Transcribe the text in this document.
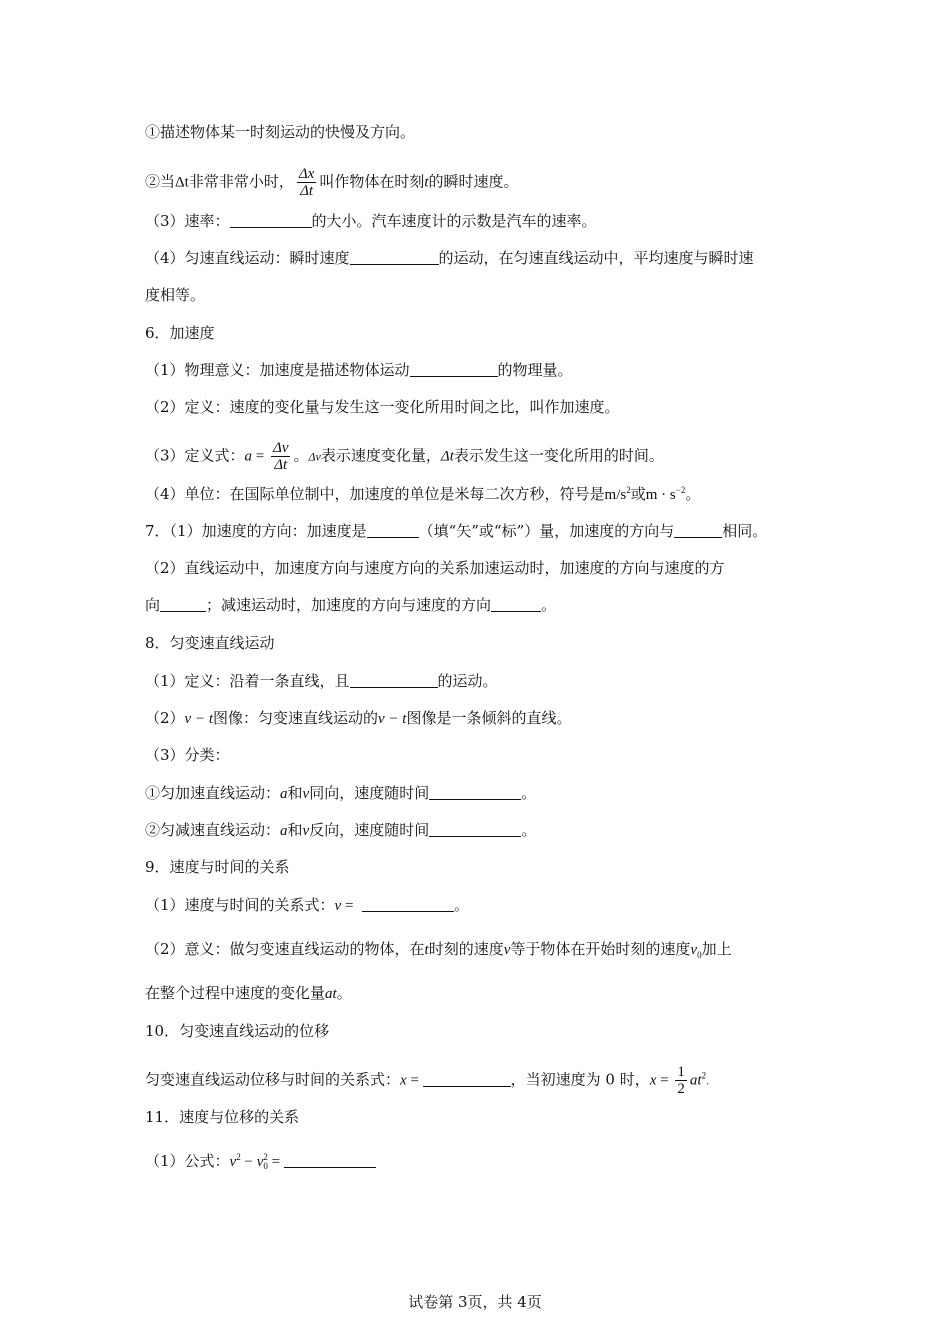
①描述物体某一时刻运动的快慢及方向。
②当Δt非常非常小时， $\frac{\Delta x}{\Delta t}$ 叫作物体在时刻t的瞬时速度。
（3）速率：	的大小。汽车速度计的示数是汽车的速率。
（4）匀速直线运动：瞬时速度	的运动，在匀速直线运动中，平均速度与瞬时速
度相等。
6．加速度
（1）物理意义：加速度是描述物体运动	的物理量。
（2）定义：速度的变化量与发生这一变化所用时间之比，叫作加速度。
（3）定义式：$a = \frac{\Delta v}{\Delta t}$ 。Δv表示速度变化量，Δt表示发生这一变化所用的时间。
（4）单位：在国际单位制中，加速度的单位是米每二次方秒，符号是$m/s^2$或$m \cdot s^{-2}$。
7．（1）加速度的方向：加速度是	（填“矢”或“标”）量，加速度的方向与	相同。
（2）直线运动中，加速度方向与速度方向的关系加速运动时，加速度的方向与速度的方
向	；减速运动时，加速度的方向与速度的方向	。
8．匀变速直线运动
（1）定义：沿着一条直线，且	的运动。
（2）v − t图像：匀变速直线运动的v − t图像是一条倾斜的直线。
（3）分类：
①匀加速直线运动：a和v同向，速度随时间	。
②匀减速直线运动：a和v反向，速度随时间	。
9．速度与时间的关系
（1）速度与时间的关系式：v =	。
（2）意义：做匀变速直线运动的物体，在t时刻的速度v等于物体在开始时刻的速度$v_0$加上
在整个过程中速度的变化量at。
10．匀变速直线运动的位移
匀变速直线运动位移与时间的关系式：x =	，当初速度为 0 时，$x = \frac{1}{2} at^2$.
11．速度与位移的关系
（1）公式：$v^2 - v$ 2
0 =
试卷第 3页，共 4页
